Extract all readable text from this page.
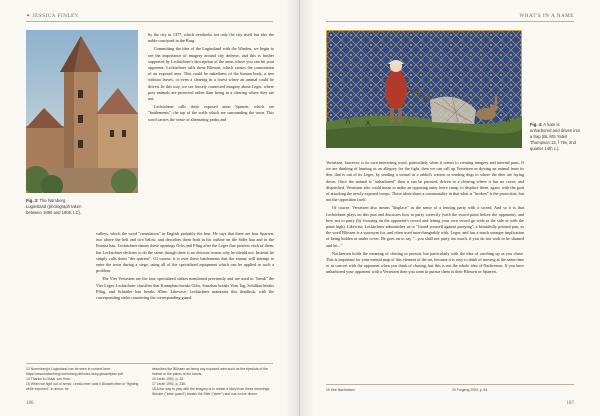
✦ JESSICA FINLEY
Fig. 3: The Nürnberg Luginsland (photograph taken between 1890 and 1905; LC).

by the city in 1377, which overlooks not only the city itself but also the noble courtyard in the Burg.

Committing the idea of the Luginsland with the Winden, we begin to see the importance of imagery around city defense, and this is further supported by Lecküchner's description of the areas where you can hit your opponent. Lecküchner calls these Blössen, which carries the connotation of an exposed area. This could be nakedness of the human body, a tree without leaves, or even a clearing in a forest where an animal could be driven. In this way, we see loosely connected imagery about Leger, where prey animals are protected rather than being in a clearing where they are not.

Lecküchner calls these exposed areas Sparren, which are "battlements": the top of the walls which are surrounding the town. This word carries the sense of alternating peaks and

valleys, which the word "crenulation" in English probably fits best. He says that there are four Sparren, two above the belt and two below, and describes them both in his outline on the Sider hau and in the Entrust hau. Lecküchner names these openings Ochs and Pflug after the Leger that protects each of them, but Lecküchner declines to do the same, though there is no obvious reason why he should not. Instead, he simply calls them "der sparren". Of course, it is over these battlements that the enemy will attempt to enter the town during a siege, using all of the specialized equipment which can be applied to such a problem.

The Vier Versetzen are the four specialized strikes mentioned previously and are used to "break" the Vier Leger. Lecküchner classifies that Krumphau breaks Ochs, Sturzhau breaks Vom Tag, Schilhau breaks Pflug, and Schaitler hau breaks Alber. Likewise, Lecküchner maintains this deadlock, with the corresponding strike countering the corresponding guard.

13 Nuremberg's Luginsland can be seen in context here:
https://www.kaiserburg-nuernberg.de/index-burg-gesamtplan.pdf
14 Thanks to Oskar von Horn.
15 When we fight out of armor, Lecküchner calls it Blossfechten or "fighting while exposed". In armor, he
describes the Blössen as being any exposed area such as the eyeslots of the helmet or the palms of the hands.
16 Leuth 1992, p. 28.
17 Leuth 1992, p. 236.
18 A fun way to play with the imagery is to create a story from these meanings: Wecker ("town guard") breaks the Stier ("steer") and has a nice dinner.
186
WHAT'S IN A NAME
Fig. 4: A hare is unharbored and driven into a trap (BL MS Yates Thompson 13, f 76v, 2nd quarter 14th c.).

Versetzen, however, is its own interesting word, particularly when it comes to creating imagery and internal puns. If we are thinking of hunting as an allegory for the fight, then we can call up Versetzen as driving an animal from its den, that is out of its Leger, by sending a weasel in a rabbit's warren or sending dogs to where the deer are laying down. Once the animal is "unharbored" then it can be pursued, driven to a clearing where it has no cover, and dispatched. Versetzen also could mean to make an opposing army leave camp, to displace them, again, with the goal of attacking the newly exposed troops. These ideas share a commonality in that what is "broken" is the protection, but not the opposition itself.

Of course, Versetzen also means "displace" in the sense of a fencing party with a sword. And so it is that Lecküchner plays on this pun and discusses how to parry correctly (with the sword point before the opponent), and how not to parry (by focusing on the opponent's record and letting your own sword go wide to the side or with the point high). Likewise, Lecküchner admonishes us to "Guard yourself against parrying", a beautifully pointed pun, as the word Blössen is a synonym for, and often used interchangeably with, Leger, and has a much stronger implication of being hidden or under cover. He goes on to say "...you shall not parry too much, if you do not wish to be shamed and hit..."

Nachreisen holds the meaning of chasing or pursuit, but particularly with the idea of catching up as you chase. This is important for your mental map of this element of the art, because it is easy to think of moving at the same time or in concert with the opponent when you think of chasing, but this is not the whole idea of Nachreisen. If you have unharbored your opponent with a Versetzen then you want to pursue them to their Blössen or Sparren.

19 See Nachreisen	20 Forgeng 2003, p. 54.
187
